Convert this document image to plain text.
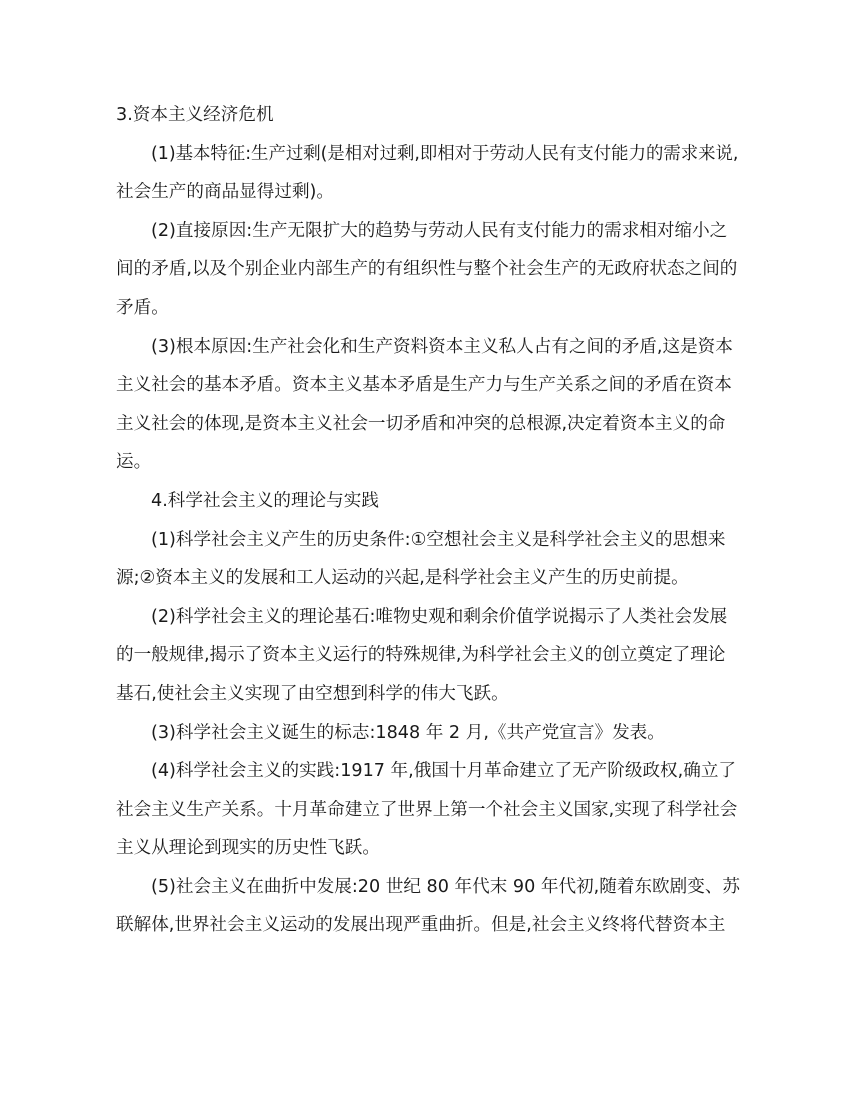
3.资本主义经济危机
(1)基本特征:生产过剩(是相对过剩,即相对于劳动人民有支付能力的需求来说,
社会生产的商品显得过剩)。
(2)直接原因:生产无限扩大的趋势与劳动人民有支付能力的需求相对缩小之
间的矛盾,以及个别企业内部生产的有组织性与整个社会生产的无政府状态之间的
矛盾。
(3)根本原因:生产社会化和生产资料资本主义私人占有之间的矛盾,这是资本
主义社会的基本矛盾。资本主义基本矛盾是生产力与生产关系之间的矛盾在资本
主义社会的体现,是资本主义社会一切矛盾和冲突的总根源,决定着资本主义的命
运。
4.科学社会主义的理论与实践
(1)科学社会主义产生的历史条件:①空想社会主义是科学社会主义的思想来
源;②资本主义的发展和工人运动的兴起,是科学社会主义产生的历史前提。
(2)科学社会主义的理论基石:唯物史观和剩余价值学说揭示了人类社会发展
的一般规律,揭示了资本主义运行的特殊规律,为科学社会主义的创立奠定了理论
基石,使社会主义实现了由空想到科学的伟大飞跃。
(3)科学社会主义诞生的标志:1848 年 2 月,《共产党宣言》发表。
(4)科学社会主义的实践:1917 年,俄国十月革命建立了无产阶级政权,确立了
社会主义生产关系。十月革命建立了世界上第一个社会主义国家,实现了科学社会
主义从理论到现实的历史性飞跃。
(5)社会主义在曲折中发展:20 世纪 80 年代末 90 年代初,随着东欧剧变、苏
联解体,世界社会主义运动的发展出现严重曲折。但是,社会主义终将代替资本主
